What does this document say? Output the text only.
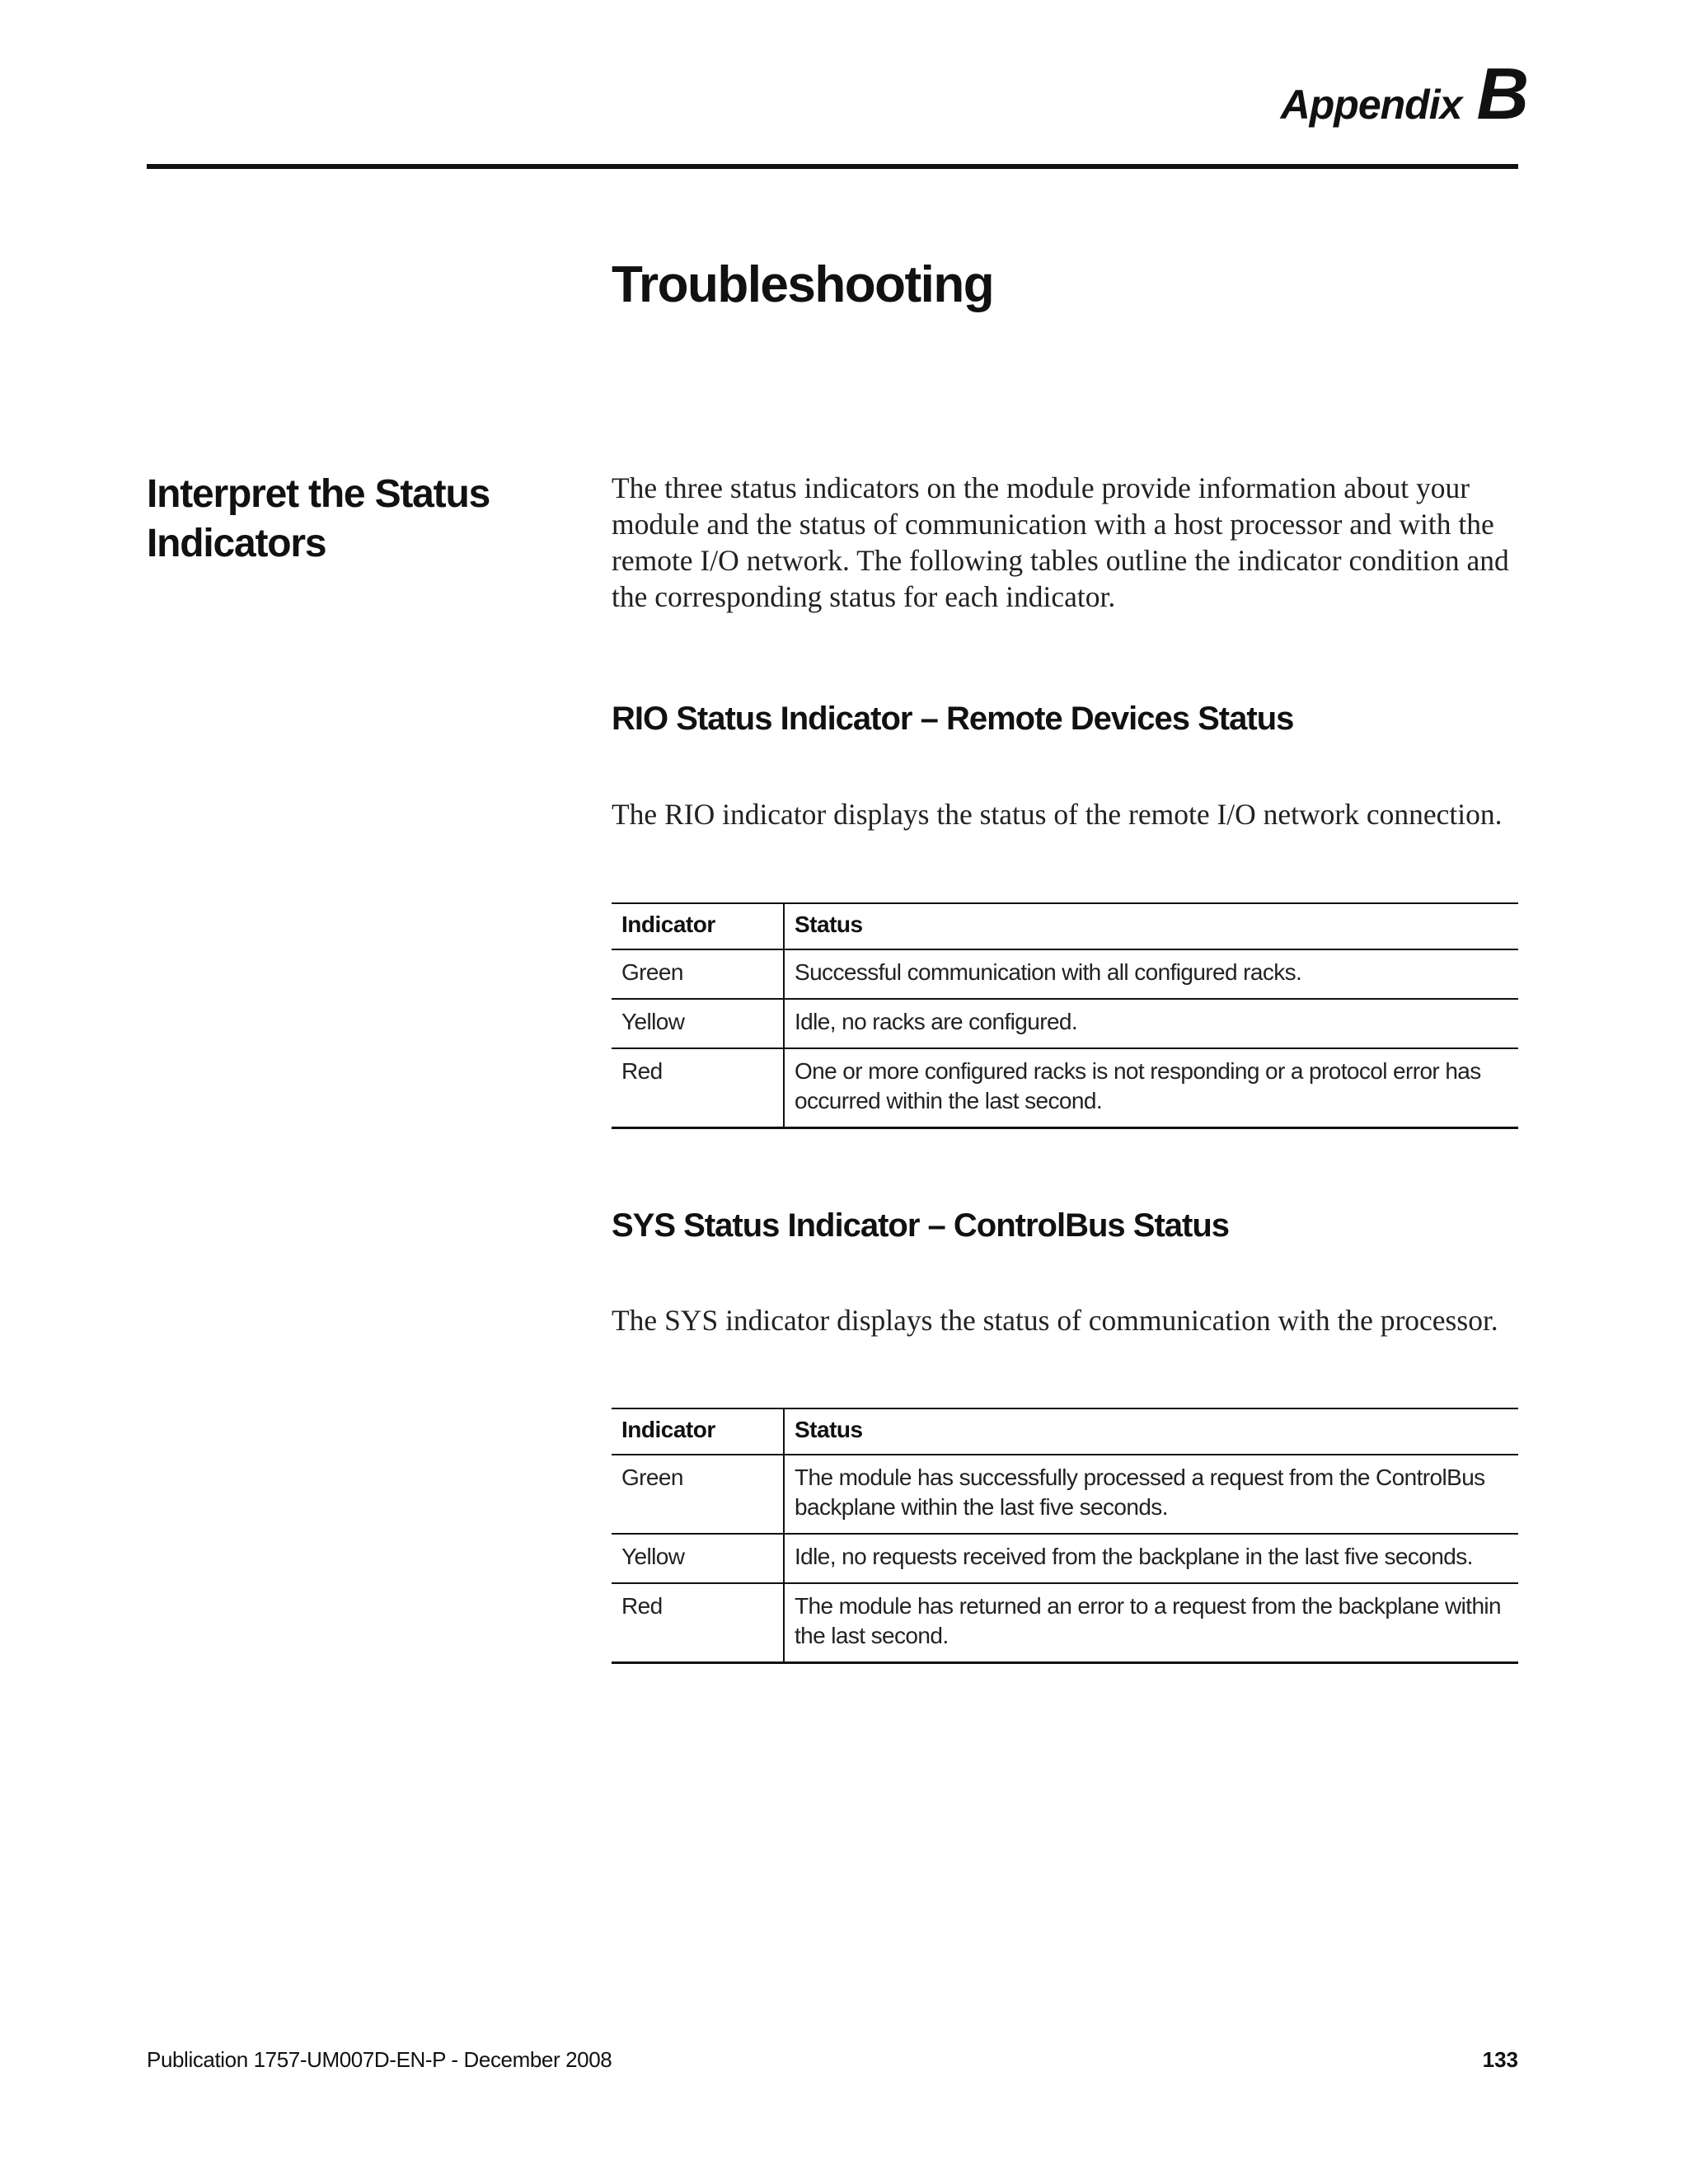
Appendix B
Troubleshooting
Interpret the Status Indicators

The three status indicators on the module provide information about your module and the status of communication with a host processor and with the remote I/O network. The following tables outline the indicator condition and the corresponding status for each indicator.

RIO Status Indicator – Remote Devices Status

The RIO indicator displays the status of the remote I/O network connection.

Indicator	Status
Green	Successful communication with all configured racks.
Yellow	Idle, no racks are configured.
Red	One or more configured racks is not responding or a protocol error has occurred within the last second.
SYS Status Indicator – ControlBus Status

The SYS indicator displays the status of communication with the processor.

Indicator	Status
Green	The module has successfully processed a request from the ControlBus backplane within the last five seconds.
Yellow	Idle, no requests received from the backplane in the last five seconds.
Red	The module has returned an error to a request from the backplane within the last second.
Publication 1757-UM007D-EN-P - December 2008	133
